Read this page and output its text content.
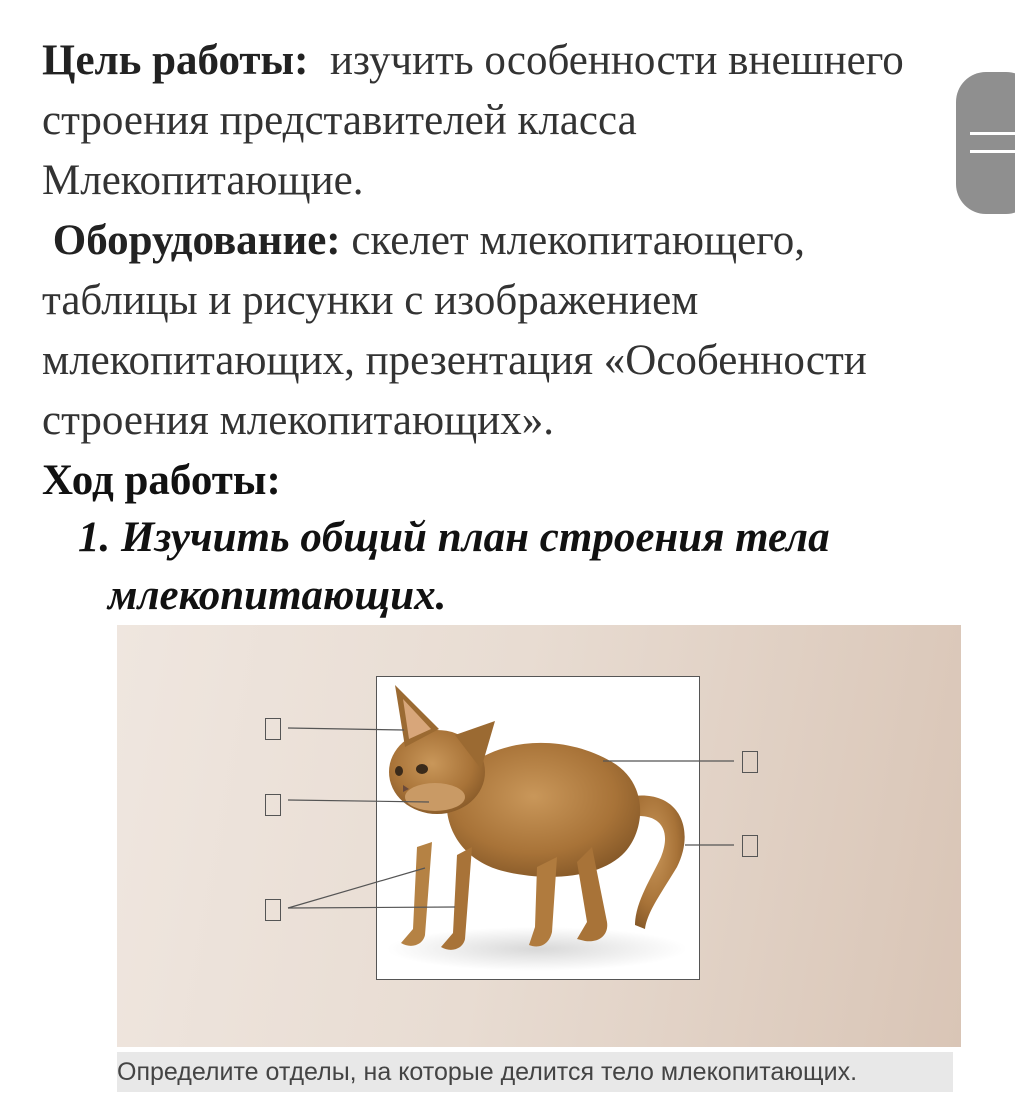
Цель работы: изучить особенности внешнего строения представителей класса Млекопитающие.
Оборудование: скелет млекопитающего, таблицы и рисунки с изображением млекопитающих, презентация «Особенности строения млекопитающих».
Ход работы:
1. Изучить общий план строения тела
млекопитающих.
Определите отделы, на которые делится тело млекопитающих.
